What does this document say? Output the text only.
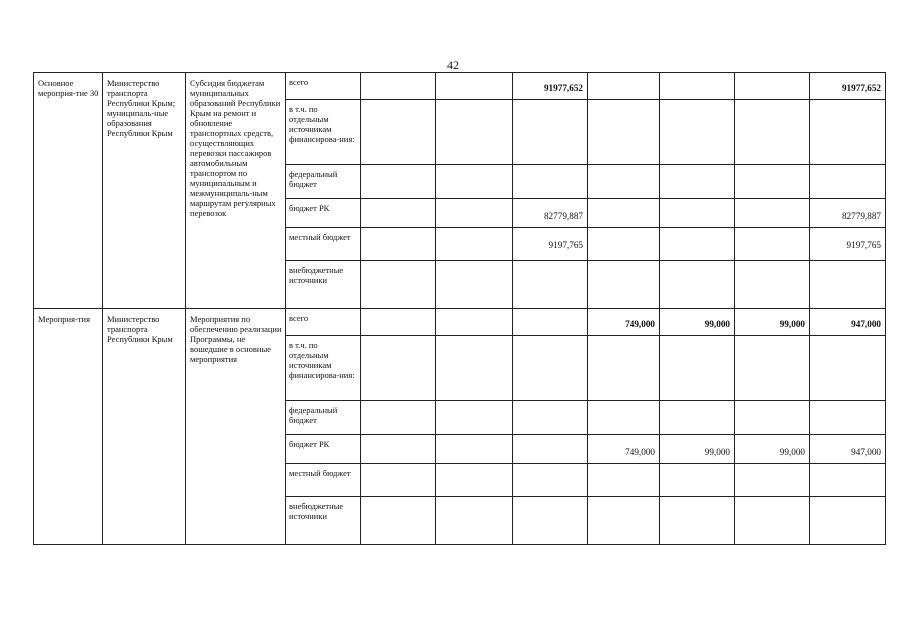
42
Основное мероприя-тие 30	Министерство транспорта Республики Крым; муниципаль-ные образования Республики Крым	Субсидия бюджетам муниципальных образований Республики Крым на ремонт и обновление транспортных средств, осуществляющих перевозки пассажиров автомобильным транспортом по муниципальным и межмуниципаль-ным маршрутам регулярных перевозок	всего			91977,652				91977,652

			в т.ч. по отдельным источникам финансирова-ния:							

			федеральный бюджет							

			бюджет РК			82779,887				82779,887

			местный бюджет			9197,765				9197,765

			внебюджетные источники							

Мероприя-тия	Министерство транспорта Республики Крым	Мероприятия по обеспечению реализации Программы, не вошедшие в основные мероприятия	всего				749,000	99,000	99,000	947,000

			в т.ч. по отдельным источникам финансирова-ния:							

			федеральный бюджет							

			бюджет РК				749,000	99,000	99,000	947,000

			местный бюджет							

			внебюджетные источники							
